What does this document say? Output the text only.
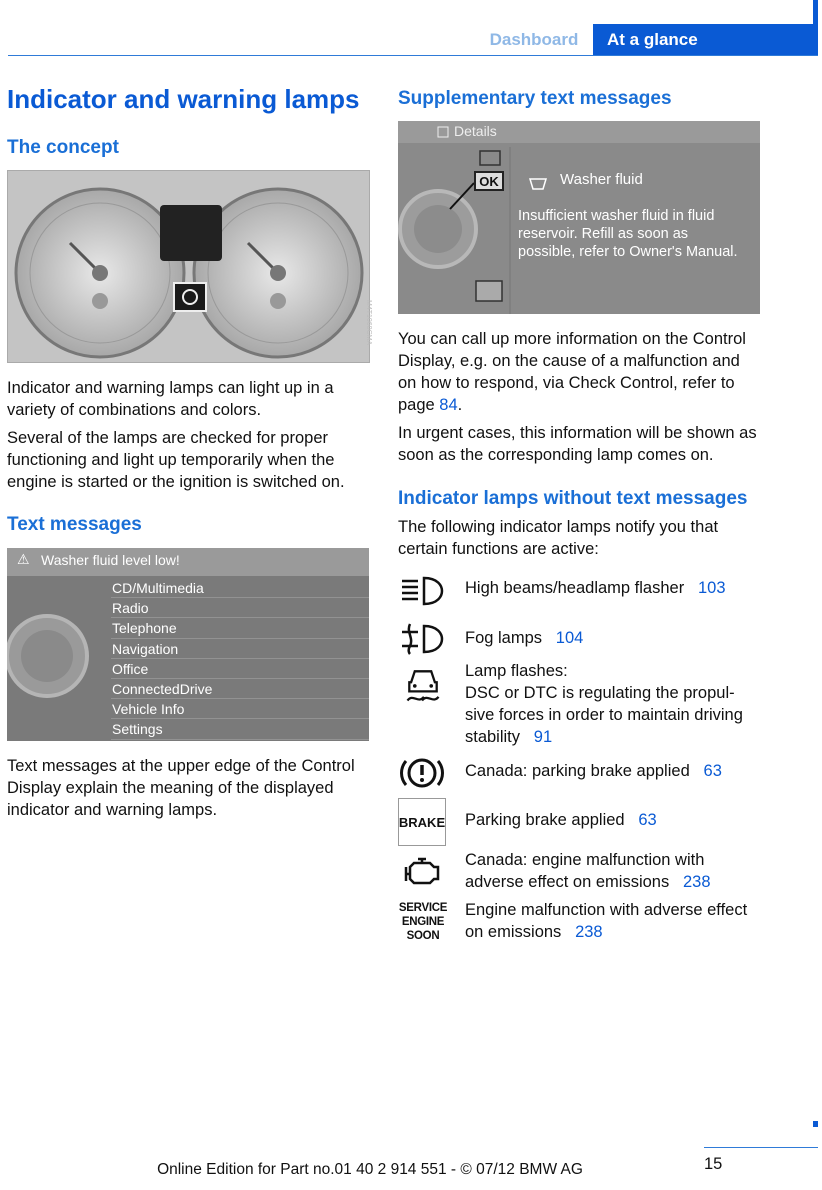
Dashboard	At a glance
Indicator and warning lamps
The concept
M4T1060CMA
Indicator and warning lamps can light up in a variety of combinations and colors.
Several of the lamps are checked for proper functioning and light up temporarily when the engine is started or the ignition is switched on.
Text messages
⚠ Washer fluid level low!
CD/Multimedia
Radio
Telephone
Navigation
Office
ConnectedDrive
Vehicle Info
Settings
Text messages at the upper edge of the Control Display explain the meaning of the displayed indicator and warning lamps.
Supplementary text messages
Details
OK	Washer fluid
Insufficient washer fluid in fluid reservoir. Refill as soon as possible, refer to Owner's Manual.
You can call up more information on the Control Display, e.g. on the cause of a malfunction and on how to respond, via Check Control, refer to page 84.
In urgent cases, this information will be shown as soon as the corresponding lamp comes on.
Indicator lamps without text messages
The following indicator lamps notify you that certain functions are active:
High beams/headlamp flasher 103
Fog lamps 104
Lamp flashes:
DSC or DTC is regulating the propul-sive forces in order to maintain driving stability 91
Canada: parking brake applied 63
BRAKE Parking brake applied 63
Canada: engine malfunction with adverse effect on emissions 238
SERVICE
ENGINE
SOON
Engine malfunction with adverse effect on emissions 238
Online Edition for Part no.01 40 2 914 551 - © 07/12 BMW AG	15
